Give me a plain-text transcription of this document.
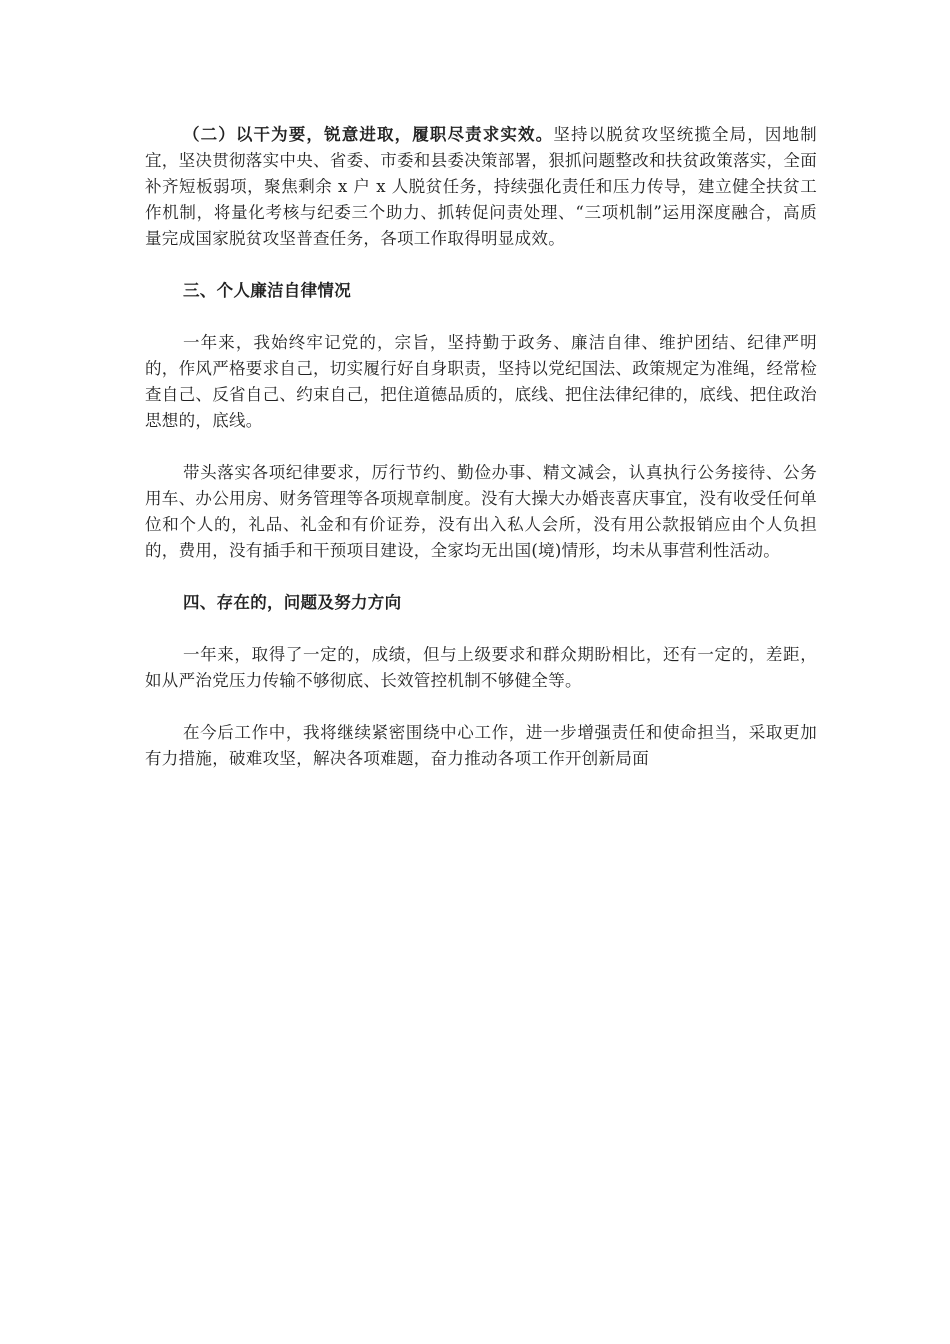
（二）以干为要，锐意进取，履职尽责求实效。坚持以脱贫攻坚统揽全局，因地制宜，坚决贯彻落实中央、省委、市委和县委决策部署，狠抓问题整改和扶贫政策落实，全面补齐短板弱项，聚焦剩余 x 户 x 人脱贫任务，持续强化责任和压力传导，建立健全扶贫工作机制，将量化考核与纪委三个助力、抓转促问责处理、“三项机制”运用深度融合，高质量完成国家脱贫攻坚普查任务，各项工作取得明显成效。

三、个人廉洁自律情况

一年来，我始终牢记党的，宗旨，坚持勤于政务、廉洁自律、维护团结、纪律严明的，作风严格要求自己，切实履行好自身职责，坚持以党纪国法、政策规定为准绳，经常检查自己、反省自己、约束自己，把住道德品质的，底线、把住法律纪律的，底线、把住政治思想的，底线。

带头落实各项纪律要求，厉行节约、勤俭办事、精文减会，认真执行公务接待、公务用车、办公用房、财务管理等各项规章制度。没有大操大办婚丧喜庆事宜，没有收受任何单位和个人的，礼品、礼金和有价证券，没有出入私人会所，没有用公款报销应由个人负担的，费用，没有插手和干预项目建设，全家均无出国(境)情形，均未从事营利性活动。

四、存在的，问题及努力方向

一年来，取得了一定的，成绩，但与上级要求和群众期盼相比，还有一定的，差距，如从严治党压力传输不够彻底、长效管控机制不够健全等。

在今后工作中，我将继续紧密围绕中心工作，进一步增强责任和使命担当，采取更加有力措施，破难攻坚，解决各项难题，奋力推动各项工作开创新局面
